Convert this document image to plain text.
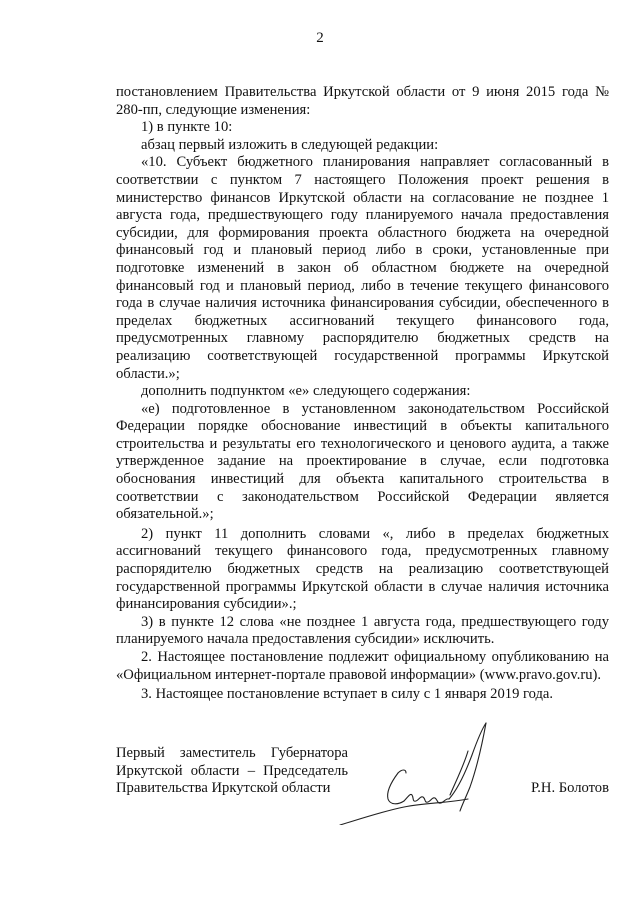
2

постановлением Правительства Иркутской области от 9 июня 2015 года № 280-пп, следующие изменения:

1) в пункте 10:

абзац первый изложить в следующей редакции:

«10. Субъект бюджетного планирования направляет согласованный в соответствии с пунктом 7 настоящего Положения проект решения в министерство финансов Иркутской области на согласование не позднее 1 августа года, предшествующего году планируемого начала предоставления субсидии, для формирования проекта областного бюджета на очередной финансовый год и плановый период либо в сроки, установленные при подготовке изменений в закон об областном бюджете на очередной финансовый год и плановый период, либо в течение текущего финансового года в случае наличия источника финансирования субсидии, обеспеченного в пределах бюджетных ассигнований текущего финансового года, предусмотренных главному распорядителю бюджетных средств на реализацию соответствующей государственной программы Иркутской области.»;

дополнить подпунктом «е» следующего содержания:

«е) подготовленное в установленном законодательством Российской Федерации порядке обоснование инвестиций в объекты капитального строительства и результаты его технологического и ценового аудита, а также утвержденное задание на проектирование в случае, если подготовка обоснования инвестиций для объекта капитального строительства в соответствии с законодательством Российской Федерации является обязательной.»;

2) пункт 11 дополнить словами «, либо в пределах бюджетных ассигнований текущего финансового года, предусмотренных главному распорядителю бюджетных средств на реализацию соответствующей государственной программы Иркутской области в случае наличия источника финансирования субсидии».;

3) в пункте 12 слова «не позднее 1 августа года, предшествующего году планируемого начала предоставления субсидии» исключить.

2. Настоящее постановление подлежит официальному опубликованию на «Официальном интернет-портале правовой информации» (www.pravo.gov.ru).

3. Настоящее постановление вступает в силу с 1 января 2019 года.

Первый заместитель Губернатора
Иркутской области – Председатель
Правительства Иркутской области	Р.Н. Болотов
